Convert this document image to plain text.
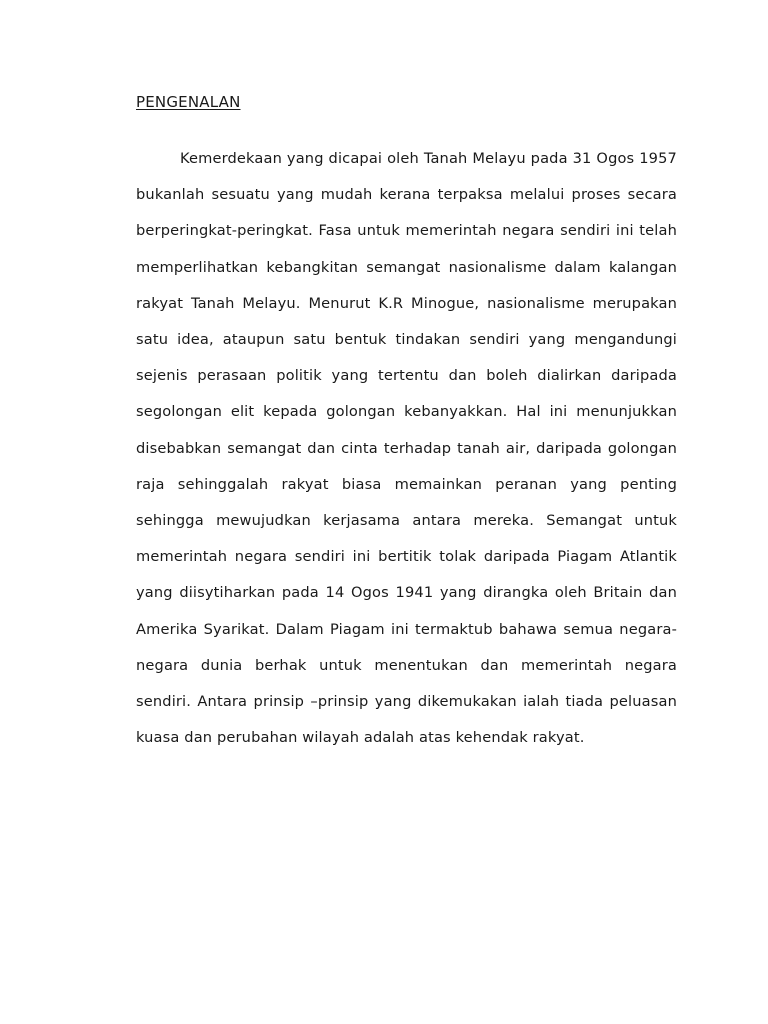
PENGENALAN

Kemerdekaan yang dicapai oleh Tanah Melayu pada 31 Ogos 1957 bukanlah sesuatu yang mudah kerana terpaksa melalui proses secara berperingkat-peringkat. Fasa untuk memerintah negara sendiri ini telah memperlihatkan kebangkitan semangat nasionalisme dalam kalangan rakyat Tanah Melayu. Menurut K.R Minogue, nasionalisme merupakan satu idea, ataupun satu bentuk tindakan sendiri yang mengandungi sejenis perasaan politik yang tertentu dan boleh dialirkan daripada segolongan elit kepada golongan kebanyakkan. Hal ini menunjukkan disebabkan semangat dan cinta terhadap tanah air, daripada golongan raja sehinggalah rakyat biasa memainkan peranan yang penting sehingga mewujudkan kerjasama antara mereka. Semangat untuk memerintah negara sendiri ini bertitik tolak daripada Piagam Atlantik yang diisytiharkan pada 14 Ogos 1941 yang dirangka oleh Britain dan Amerika Syarikat. Dalam Piagam ini termaktub bahawa semua negara-negara dunia berhak untuk menentukan dan memerintah negara sendiri. Antara prinsip –prinsip yang dikemukakan ialah tiada peluasan kuasa dan perubahan wilayah adalah atas kehendak rakyat.
